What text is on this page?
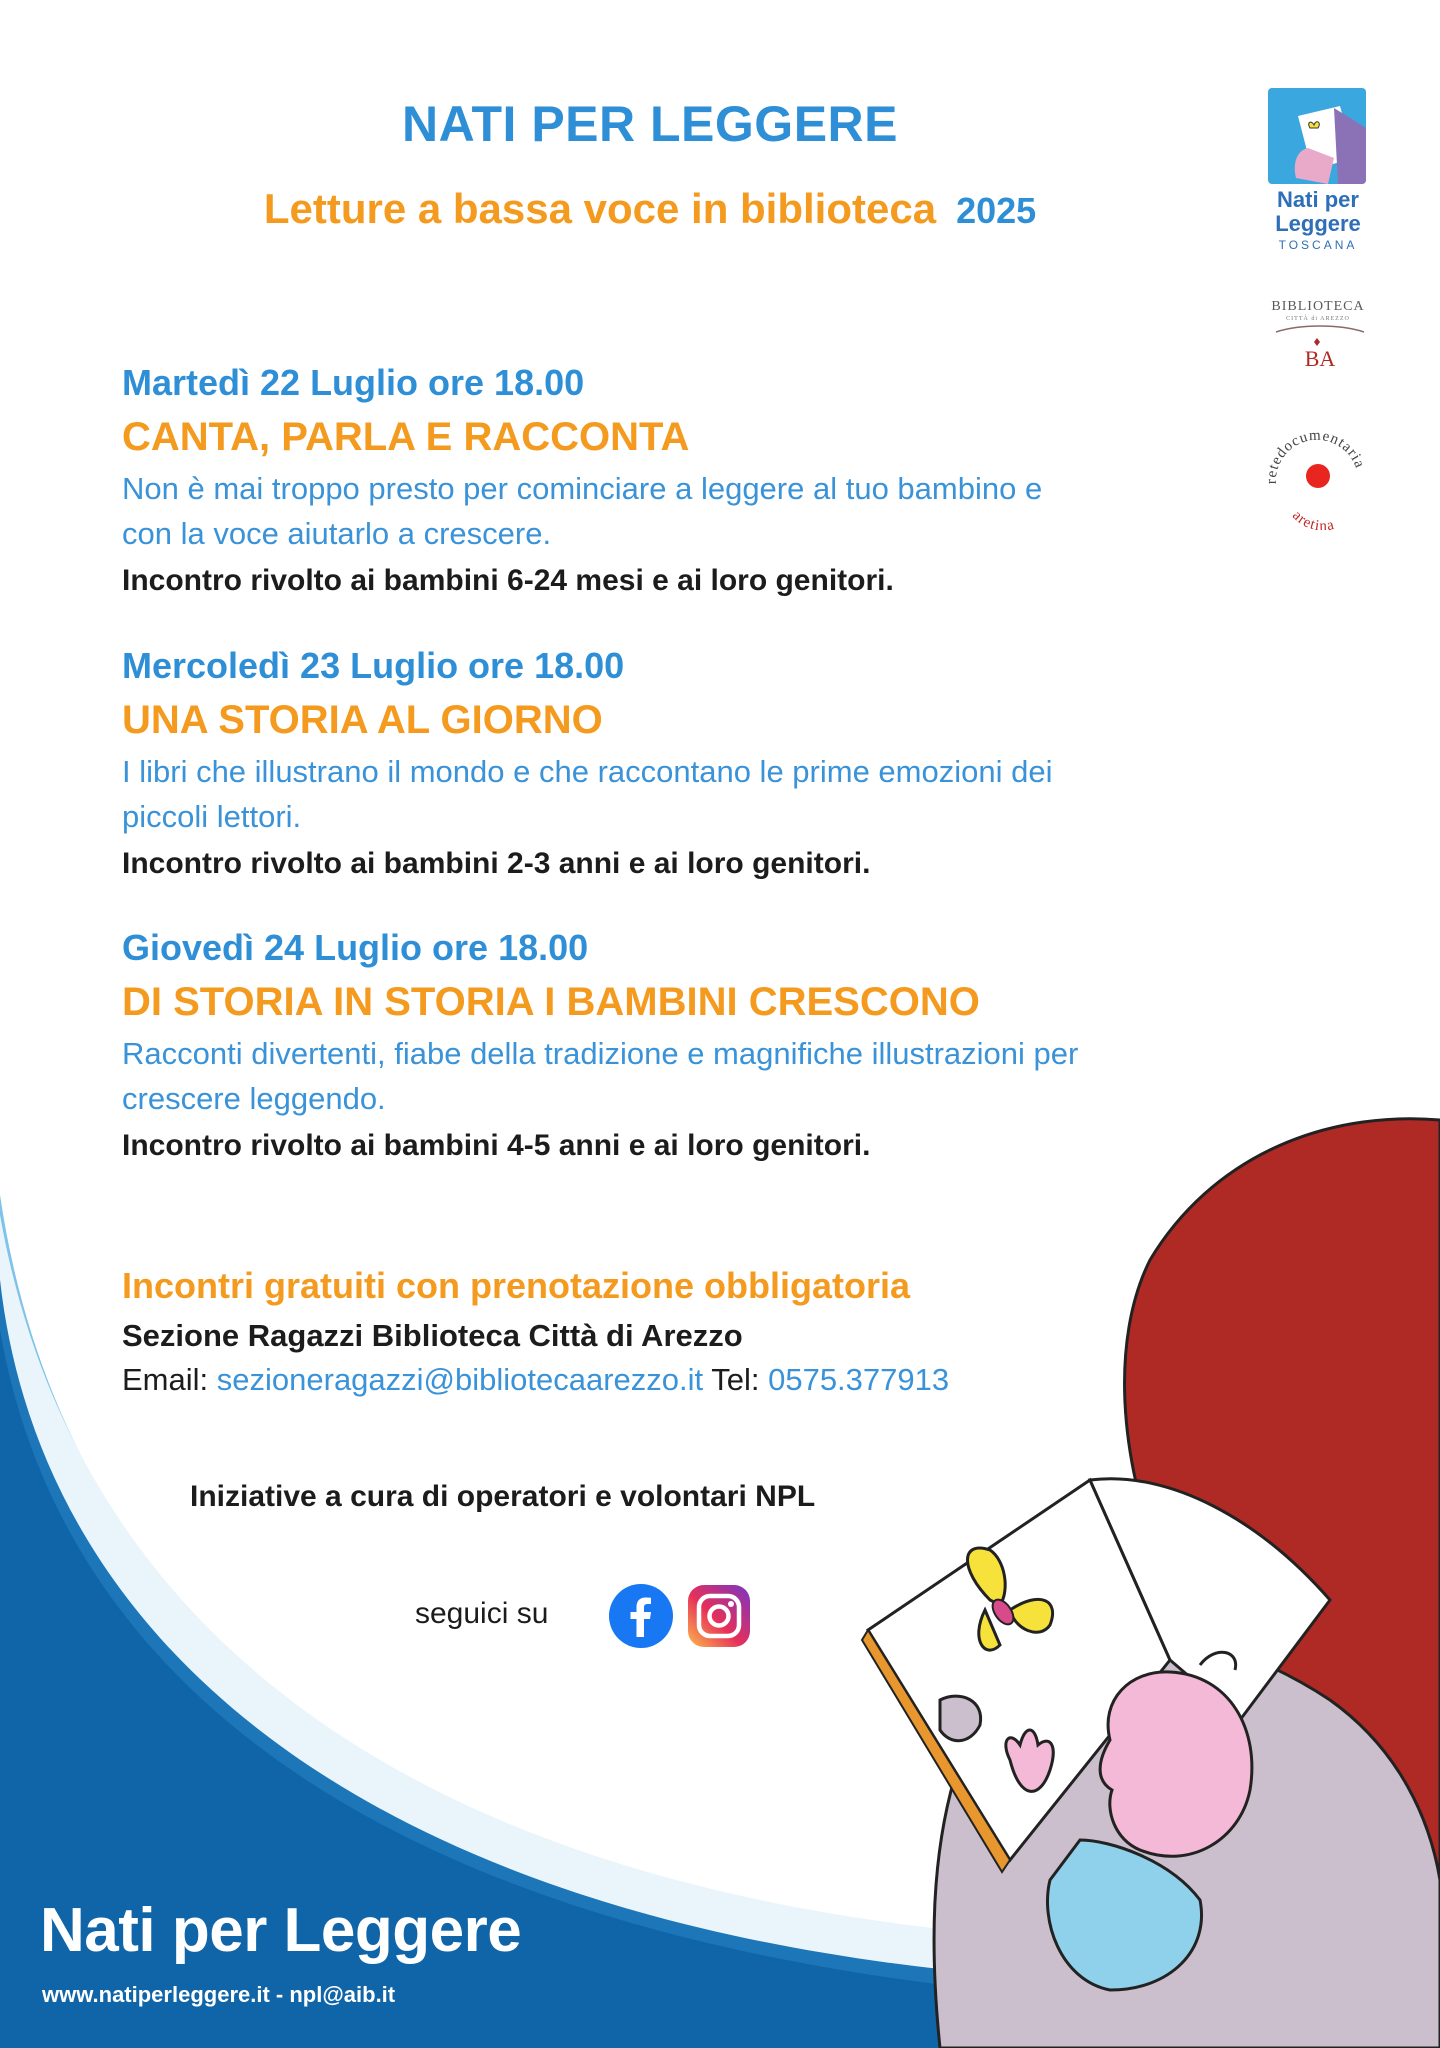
NATI PER LEGGERE
Letture a bassa voce in biblioteca 2025
Martedì 22 Luglio ore 18.00
CANTA, PARLA E RACCONTA
Non è mai troppo presto per cominciare a leggere al tuo bambino e
con la voce aiutarlo a crescere.
Incontro rivolto ai bambini 6-24 mesi e ai loro genitori.
Mercoledì 23 Luglio ore 18.00
UNA STORIA AL GIORNO
I libri che illustrano il mondo e che raccontano le prime emozioni dei
piccoli lettori.
Incontro rivolto ai bambini 2-3 anni e ai loro genitori.
Giovedì 24 Luglio ore 18.00
DI STORIA IN STORIA I BAMBINI CRESCONO
Racconti divertenti, fiabe della tradizione e magnifiche illustrazioni per
crescere leggendo.
Incontro rivolto ai bambini 4-5 anni e ai loro genitori.
Incontri gratuiti con prenotazione obbligatoria
Sezione Ragazzi Biblioteca Città di Arezzo
Email: sezioneragazzi@bibliotecaarezzo.it Tel: 0575.377913
Iniziative a cura di operatori e volontari NPL
seguici su
Nati per Leggere
www.natiperleggere.it - npl@aib.it
Nati per
Leggere
TOSCANA
BIBLIOTECA
CITTÀ di AREZZO
BA
retedocumentaria
aretina
